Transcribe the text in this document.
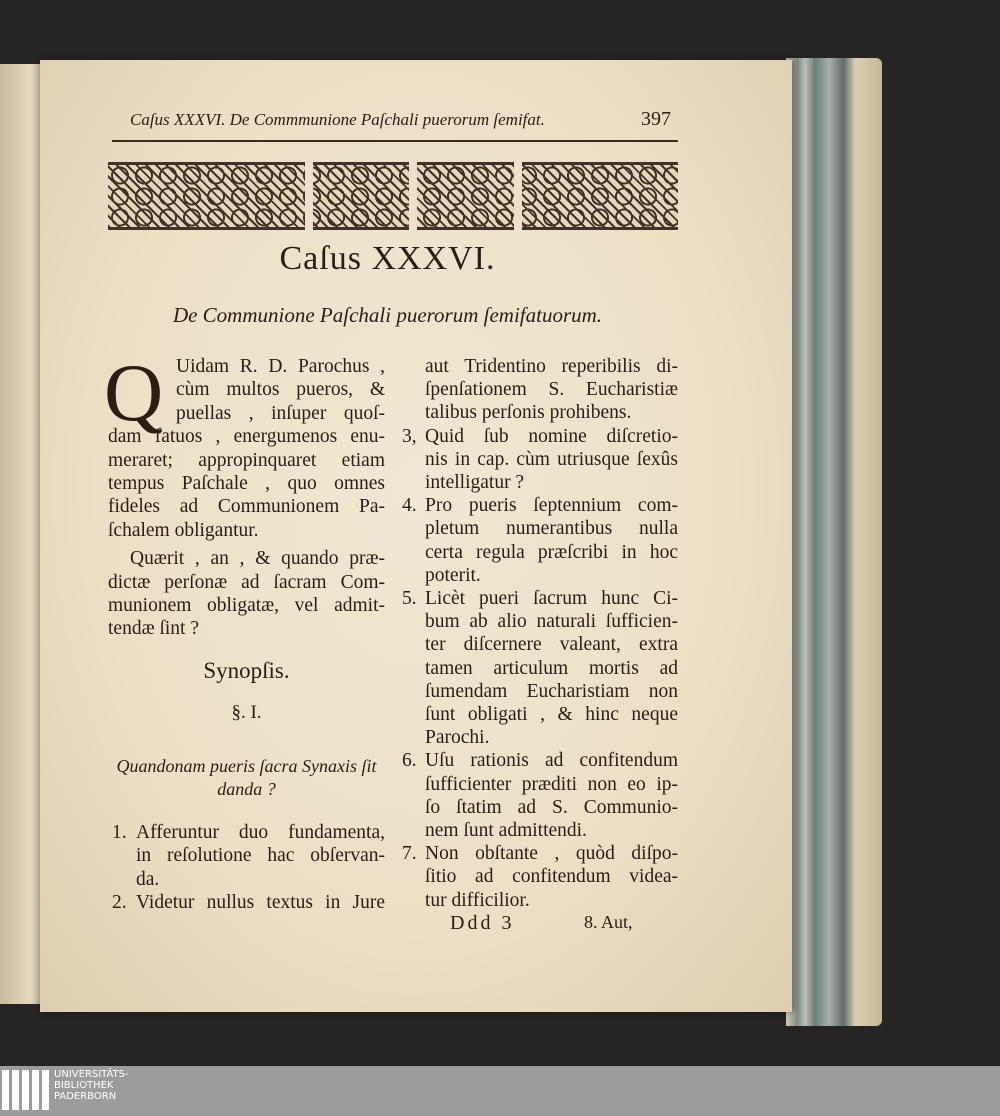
Caſus XXXVI. De Commmunione Paſchali puerorum ſemifat.	397
Caſus XXXVI.
De Communione Paſchali puerorum ſemifatuorum.
Q
Synopſis.
§. I.
Ddd 3	8. Aut,
UNIVERSITÄTS-
BIBLIOTHEK
PADERBORN
Uidam R. D. Parochus ,
cùm multos pueros, &
puellas , inſuper quoſ-
dam fatuos , energumenos enu-
meraret; appropinquaret etiam
tempus Paſchale , quo omnes
fideles ad Communionem Pa-
ſchalem obligantur.
Quærit , an , & quando præ-
dictæ perſonæ ad ſacram Com-
munionem obligatæ, vel admit-
tendæ ſint ?
Quandonam pueris ſacra Synaxis ſit
danda ?
1. Afferuntur duo fundamenta,
in reſolutione hac obſervan-
da.
2. Videtur nullus textus in Jure
aut Tridentino reperibilis di-
ſpenſationem S. Eucharistiæ
talibus perſonis prohibens.
3, Quid ſub nomine diſcretio-
nis in cap. cùm utriusque ſexûs
intelligatur ?
4. Pro pueris ſeptennium com-
pletum numerantibus nulla
certa regula præſcribi in hoc
poterit.
5. Licèt pueri ſacrum hunc Ci-
bum ab alio naturali ſufficien-
ter diſcernere valeant, extra
tamen articulum mortis ad
ſumendam Eucharistiam non
ſunt obligati , & hinc neque
Parochi.
6. Uſu rationis ad confitendum
ſufficienter præditi non eo ip-
ſo ſtatim ad S. Communio-
nem ſunt admittendi.
7. Non obſtante , quòd diſpo-
ſitio ad confitendum videa-
tur difficilior.
